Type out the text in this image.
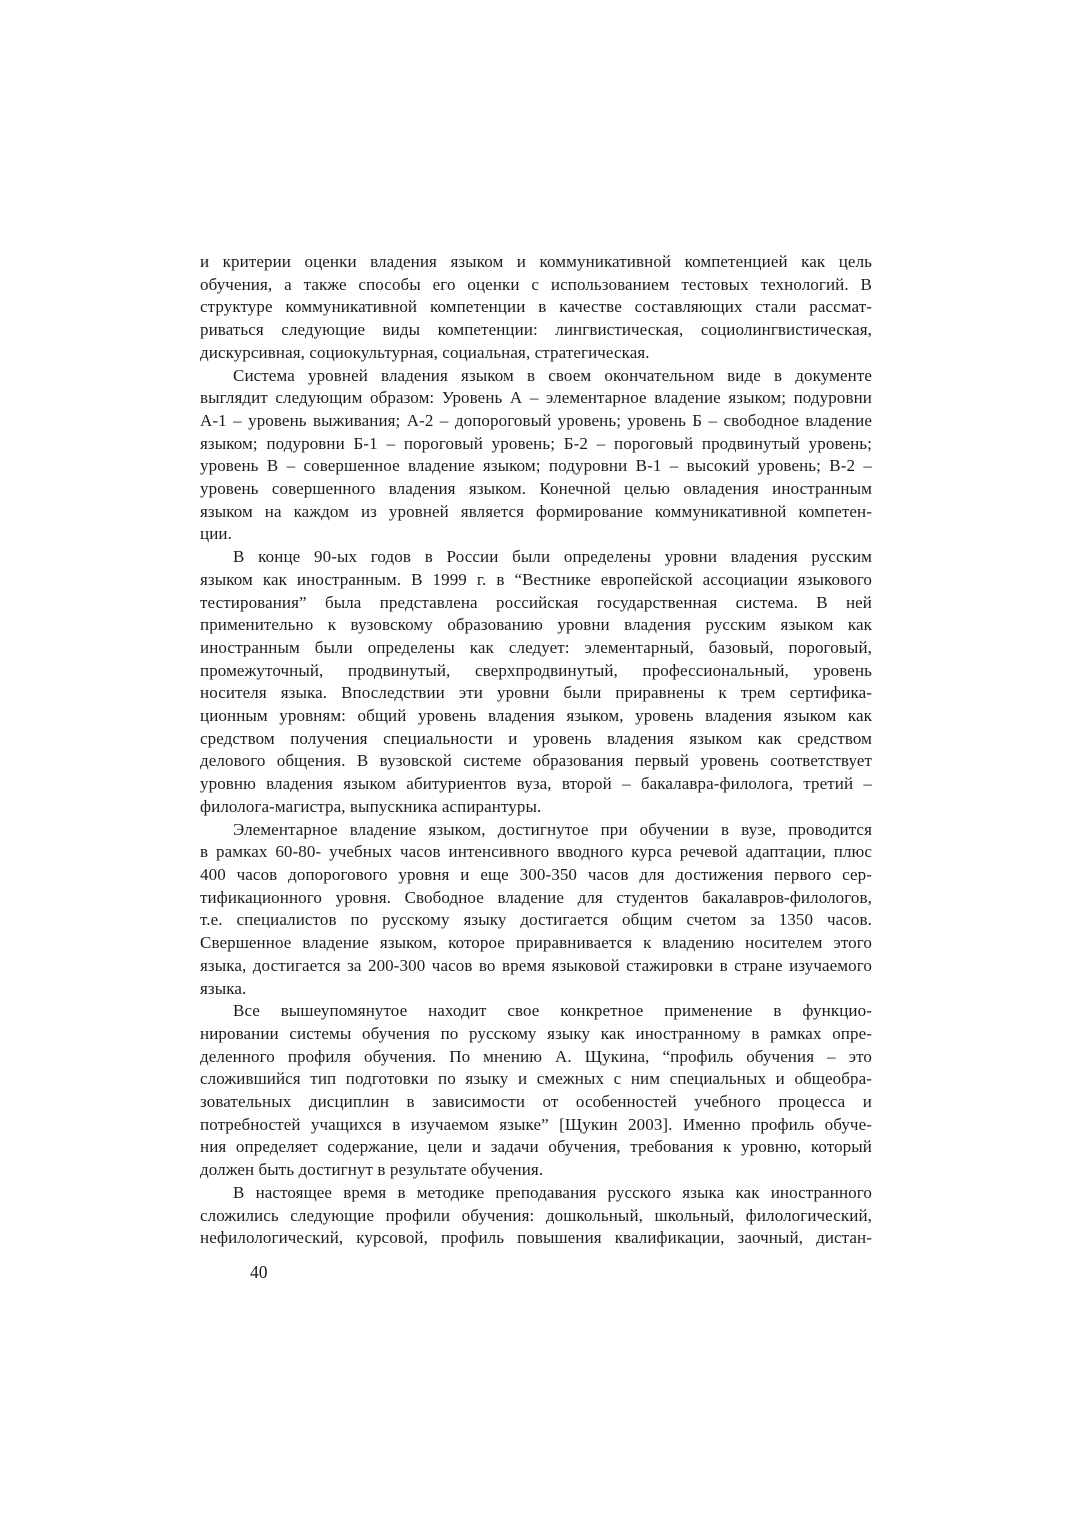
и критерии оценки владения языком и коммуникативной компетенцией как цель
обучения, а также способы его оценки с использованием тестовых технологий. В
структуре коммуникативной компетенции в качестве составляющих стали рассмат-
риваться следующие виды компетенции: лингвистическая, социолингвистическая,
дискурсивная, социокультурная, социальная, стратегическая.
Система уровней владения языком в своем окончательном виде в документе
выглядит следующим образом: Уровень А – элементарное владение языком; подуровни
А-1 – уровень выживания; А-2 – допороговый уровень; уровень Б – свободное владение
языком; подуровни Б-1 – пороговый уровень; Б-2 – пороговый продвинутый уровень;
уровень В – совершенное владение языком; подуровни В-1 – высокий уровень; В-2 –
уровень совершенного владения языком. Конечной целью овладения иностранным
языком на каждом из уровней является формирование коммуникативной компетен-
ции.
В конце 90-ых годов в России были определены уровни владения русским
языком как иностранным. В 1999 г. в “Вестнике европейской ассоциации языкового
тестирования” была представлена российская государственная система. В ней
применительно к вузовскому образованию уровни владения русским языком как
иностранным были определены как следует: элементарный, базовый, пороговый,
промежуточный, продвинутый, сверхпродвинутый, профессиональный, уровень
носителя языка. Впоследствии эти уровни были приравнены к трем сертифика-
ционным уровням: общий уровень владения языком, уровень владения языком как
средством получения специальности и уровень владения языком как средством
делового общения. В вузовской системе образования первый уровень соответствует
уровню владения языком абитуриентов вуза, второй – бакалавра-филолога, третий –
филолога-магистра, выпускника аспирантуры.
Элементарное владение языком, достигнутое при обучении в вузе, проводится
в рамках 60-80- учебных часов интенсивного вводного курса речевой адаптации, плюс
400 часов допорогового уровня и еще 300-350 часов для достижения первого сер-
тификационного уровня. Свободное владение для студентов бакалавров-филологов,
т.е. специалистов по русскому языку достигается общим счетом за 1350 часов.
Свершенное владение языком, которое приравнивается к владению носителем этого
языка, достигается за 200-300 часов во время языковой стажировки в стране изучаемого
языка.
Все вышеупомянутое находит свое конкретное применение в функцио-
нировании системы обучения по русскому языку как иностранному в рамках опре-
деленного профиля обучения. По мнению А. Щукина, “профиль обучения – это
сложившийся тип подготовки по языку и смежных с ним специальных и общеобра-
зовательных дисциплин в зависимости от особенностей учебного процесса и
потребностей учащихся в изучаемом языке” [Щукин 2003]. Именно профиль обуче-
ния определяет содержание, цели и задачи обучения, требования к уровню, который
должен быть достигнут в результате обучения.
В настоящее время в методике преподавания русского языка как иностранного
сложились следующие профили обучения: дошкольный, школьный, филологический,
нефилологический, курсовой, профиль повышения квалификации, заочный, дистан-
40
